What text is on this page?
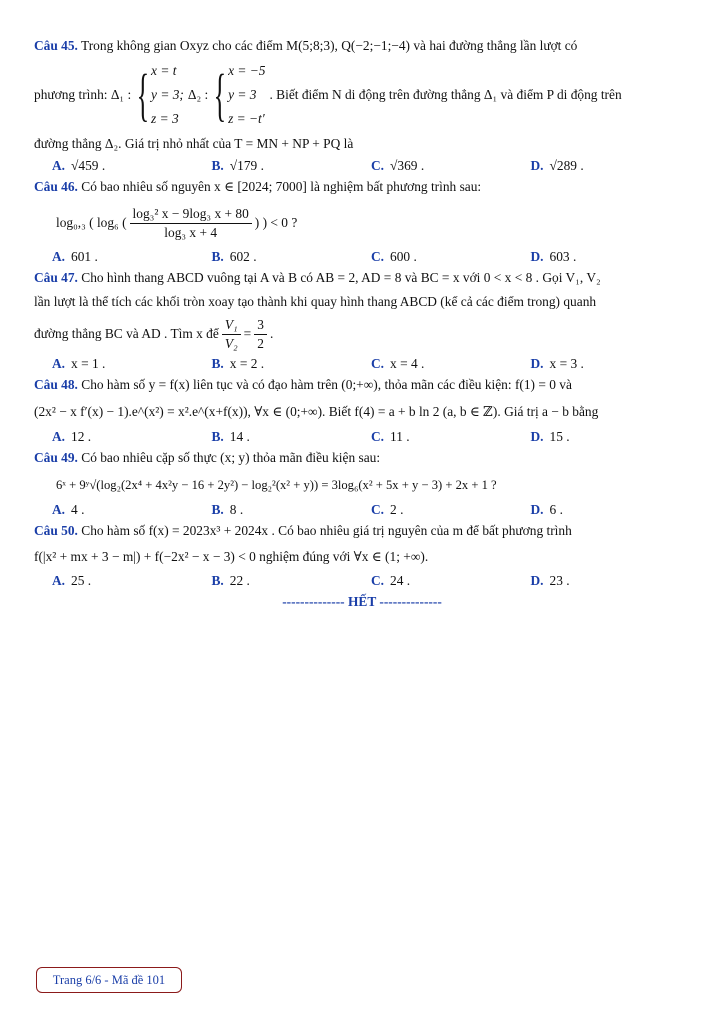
Câu 45. Trong không gian Oxyz cho các điểm M(5;8;3), Q(−2;−1;−4) và hai đường thẳng lần lượt có

phương trình: Δ₁ : { x = t
y = 3;
z = 3
Δ₂ : { x = −5
y = 3
z = −t′
. Biết điểm N di động trên đường thẳng Δ₁ và điểm P di động trên

đường thẳng Δ₂. Giá trị nhỏ nhất của T = MN + NP + PQ là

A. √459 .	B. √179 .	C. √369 .	D. √289 .

Câu 46. Có bao nhiêu số nguyên x ∈ [2024; 7000] là nghiệm bất phương trình sau:

log₀,₃ ( log₆ ( $\frac{\text{log₃² x − 9log₃ x + 80}}{\text{log₃ x + 4}}$ ) ) < 0 ?
A. 601 .	B. 602 .	C. 600 .	D. 603 .

Câu 47. Cho hình thang ABCD vuông tại A và B có AB = 2, AD = 8 và BC = x với 0 < x < 8 . Gọi V₁, V₂

lần lượt là thể tích các khối tròn xoay tạo thành khi quay hình thang ABCD (kể cả các điểm trong) quanh

đường thẳng BC và AD . Tìm x để $\frac{\text{V₁}}{\text{V₂}} = \frac{3}{2}$ .
A. x = 1 .	B. x = 2 .	C. x = 4 .	D. x = 3 .

Câu 48. Cho hàm số y = f(x) liên tục và có đạo hàm trên (0;+∞), thỏa mãn các điều kiện: f(1) = 0 và

(2x² − x f′(x) − 1).e^(x²) = x².e^(x+f(x)), ∀x ∈ (0;+∞). Biết f(4) = a + b ln 2 (a, b ∈ ℤ). Giá trị a − b bằng

A. 12 .	B. 14 .	C. 11 .	D. 15 .

Câu 49. Có bao nhiêu cặp số thực (x; y) thỏa mãn điều kiện sau:

6ˣ + 9ʸ√(log₂(2x⁴ + 4x²y − 16 + 2y²) − log₂²(x² + y)) = 3log₆(x² + 5x + y − 3) + 2x + 1 ?

A. 4 .	B. 8 .	C. 2 .	D. 6 .

Câu 50. Cho hàm số f(x) = 2023x³ + 2024x . Có bao nhiêu giá trị nguyên của m để bất phương trình

f(|x² + mx + 3 − m|) + f(−2x² − x − 3) < 0 nghiệm đúng với ∀x ∈ (1; +∞).

A. 25 .	B. 22 .	C. 24 .	D. 23 .
-------------- HẾT --------------
Trang 6/6 - Mã đề 101
